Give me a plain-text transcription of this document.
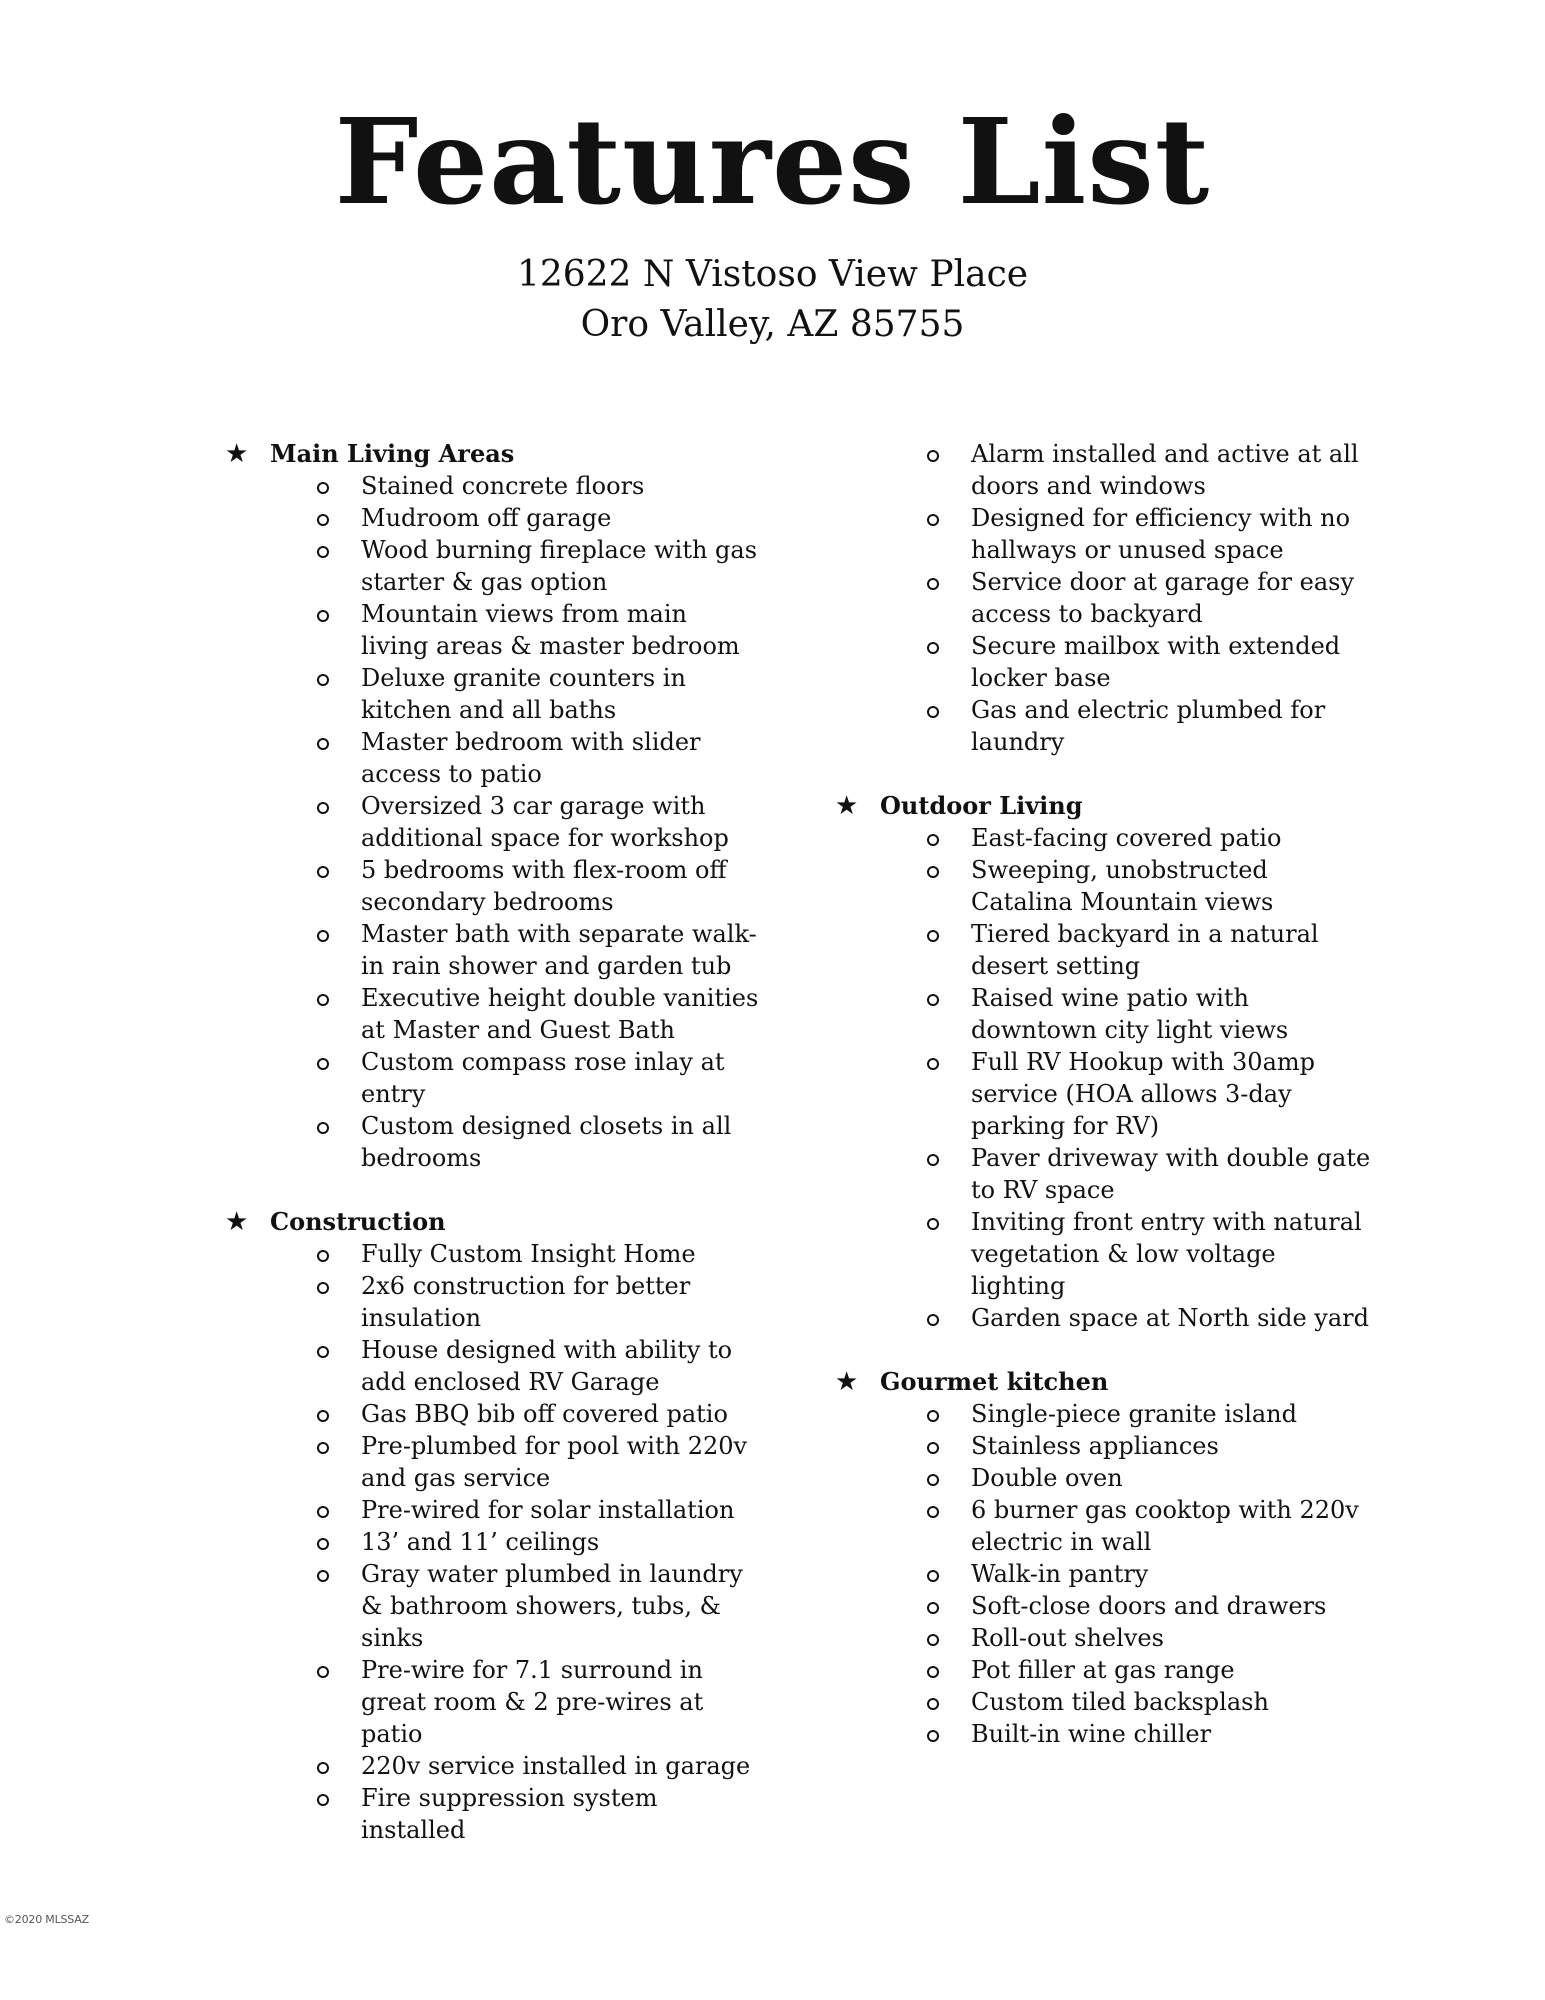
Features List
12622 N Vistoso View Place
Oro Valley, AZ 85755
★ Main Living Areas
Stained concrete floors
Mudroom off garage
Wood burning fireplace with gas starter & gas option
Mountain views from main living areas & master bedroom
Deluxe granite counters in kitchen and all baths
Master bedroom with slider access to patio
Oversized 3 car garage with additional space for workshop
5 bedrooms with flex-room off secondary bedrooms
Master bath with separate walk-in rain shower and garden tub
Executive height double vanities at Master and Guest Bath
Custom compass rose inlay at entry
Custom designed closets in all bedrooms
★ Construction
Fully Custom Insight Home
2x6 construction for better insulation
House designed with ability to add enclosed RV Garage
Gas BBQ bib off covered patio
Pre-plumbed for pool with 220v and gas service
Pre-wired for solar installation
13’ and 11’ ceilings
Gray water plumbed in laundry & bathroom showers, tubs, & sinks
Pre-wire for 7.1 surround in great room & 2 pre-wires at patio
220v service installed in garage
Fire suppression system installed
Alarm installed and active at all doors and windows
Designed for efficiency with no hallways or unused space
Service door at garage for easy access to backyard
Secure mailbox with extended locker base
Gas and electric plumbed for laundry
★ Outdoor Living
East-facing covered patio
Sweeping, unobstructed Catalina Mountain views
Tiered backyard in a natural desert setting
Raised wine patio with downtown city light views
Full RV Hookup with 30amp service (HOA allows 3-day parking for RV)
Paver driveway with double gate to RV space
Inviting front entry with natural vegetation & low voltage lighting
Garden space at North side yard
★ Gourmet kitchen
Single-piece granite island
Stainless appliances
Double oven
6 burner gas cooktop with 220v electric in wall
Walk-in pantry
Soft-close doors and drawers
Roll-out shelves
Pot filler at gas range
Custom tiled backsplash
Built-in wine chiller
©2020 MLSSAZ
